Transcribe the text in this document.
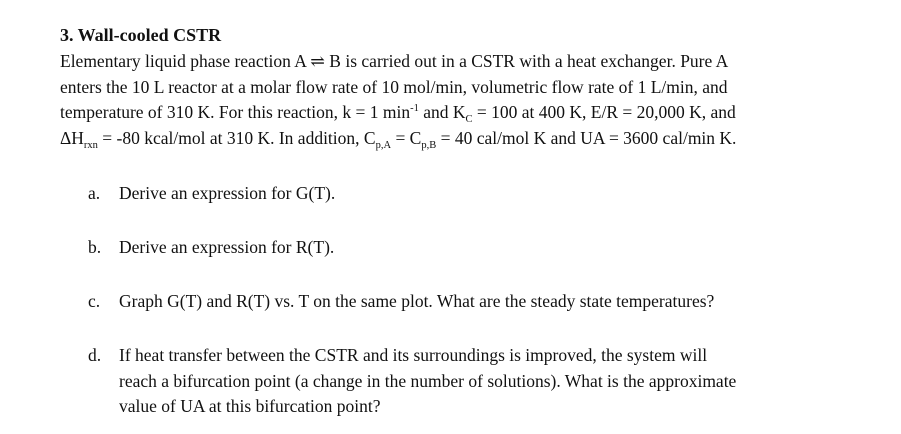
3. Wall-cooled CSTR
Elementary liquid phase reaction A ⇌ B is carried out in a CSTR with a heat exchanger. Pure A
enters the 10 L reactor at a molar flow rate of 10 mol/min, volumetric flow rate of 1 L/min, and
temperature of 310 K. For this reaction, k = 1 $\min^{-1}$ and $K_C = 100$ at 400 K, E/R = 20,000 K, and
$\Delta H_{rxn} = -80$ kcal/mol at 310 K. In addition, $C_{p,A} = C_{p,B} = 40$ cal/mol K and UA = 3600 cal/min K.
a. Derive an expression for G(T).
b. Derive an expression for R(T).
c. Graph G(T) and R(T) vs. T on the same plot. What are the steady state temperatures?
d. If heat transfer between the CSTR and its surroundings is improved, the system will
reach a bifurcation point (a change in the number of solutions). What is the approximate
value of UA at this bifurcation point?
